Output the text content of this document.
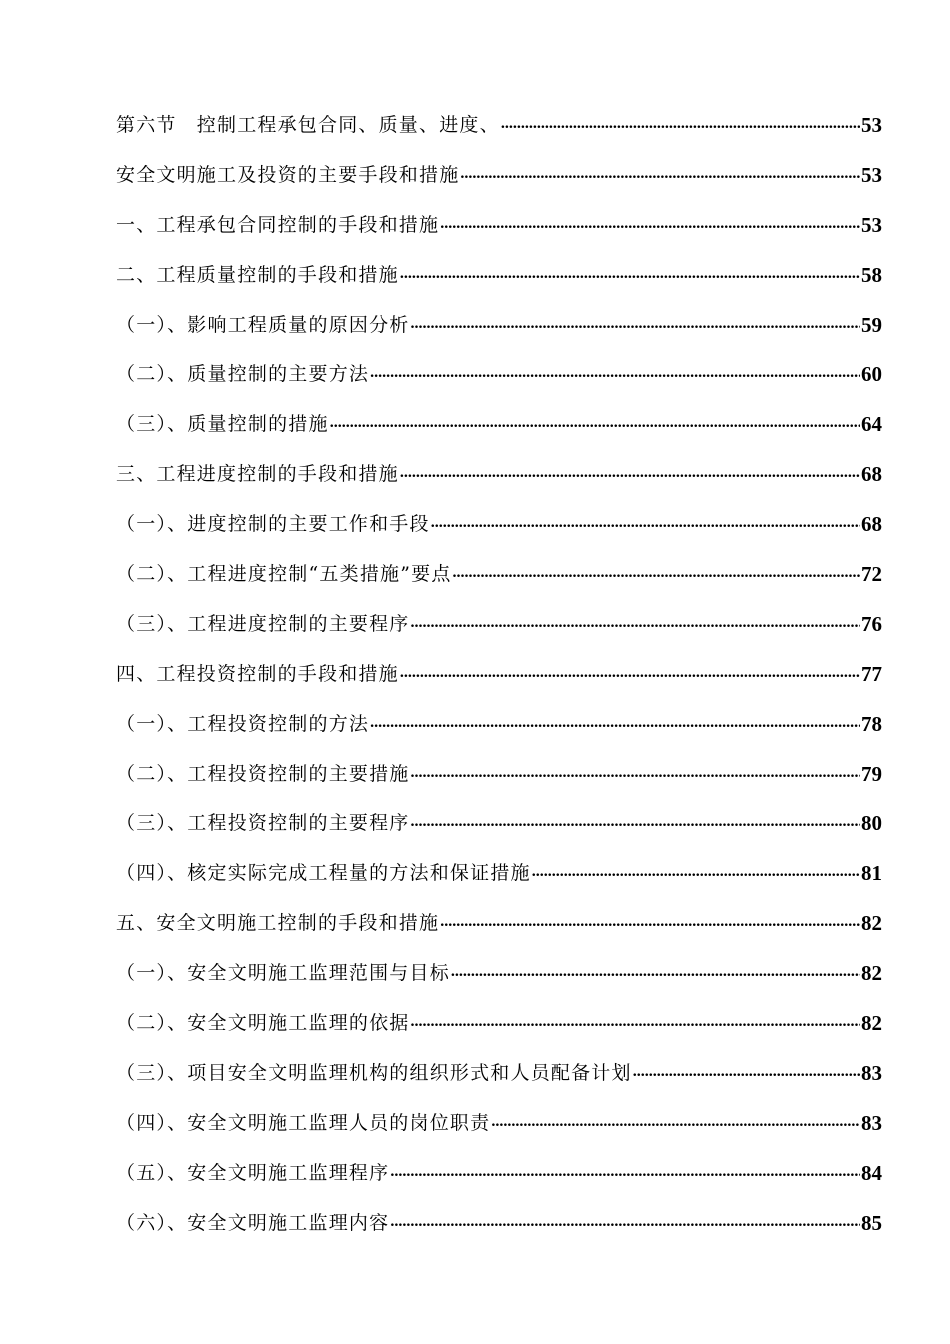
第六节　控制工程承包合同、质量、进度、 .....	53
安全文明施工及投资的主要手段和措施 .....	53
一、工程承包合同控制的手段和措施 .....	53
二、工程质量控制的手段和措施 .....	58
（一）、影响工程质量的原因分析 .....	59
（二）、质量控制的主要方法 .....	60
（三）、质量控制的措施 .....	64
三、工程进度控制的手段和措施 .....	68
（一）、进度控制的主要工作和手段 .....	68
（二）、工程进度控制“五类措施”要点 .....	72
（三）、工程进度控制的主要程序 .....	76
四、工程投资控制的手段和措施 .....	77
（一）、工程投资控制的方法 .....	78
（二）、工程投资控制的主要措施 .....	79
（三）、工程投资控制的主要程序 .....	80
（四）、核定实际完成工程量的方法和保证措施 .....	81
五、安全文明施工控制的手段和措施 .....	82
（一）、安全文明施工监理范围与目标 .....	82
（二）、安全文明施工监理的依据 .....	82
（三）、项目安全文明监理机构的组织形式和人员配备计划 .....	83
（四）、安全文明施工监理人员的岗位职责 .....	83
（五）、安全文明施工监理程序 .....	84
（六）、安全文明施工监理内容 .....	85
